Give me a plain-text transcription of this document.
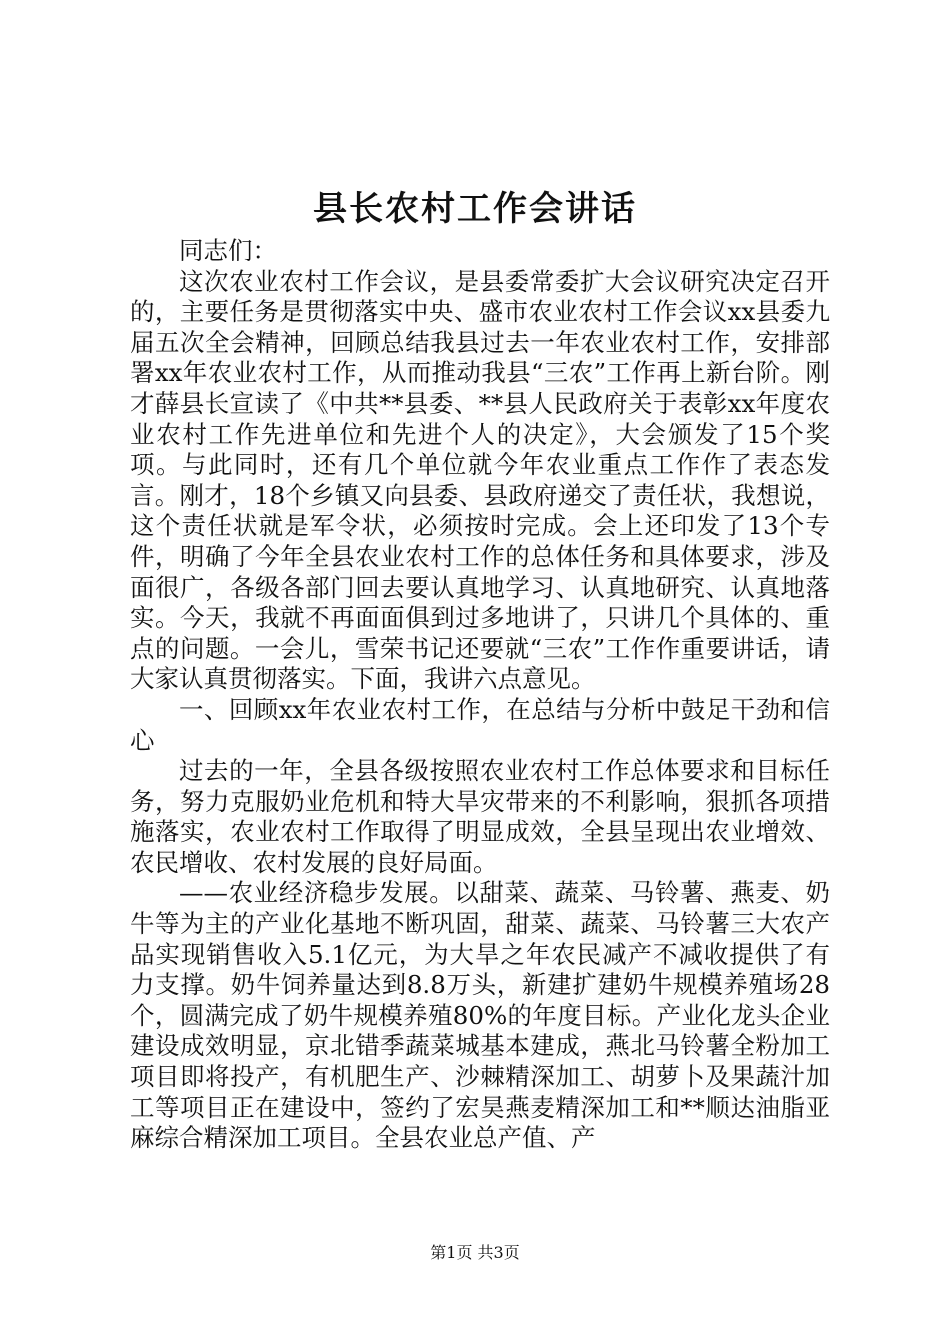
县长农村工作会讲话

同志们：

这次农业农村工作会议，是县委常委扩大会议研究决定召开的，主要任务是贯彻落实中央、盛市农业农村工作会议xx县委九届五次全会精神，回顾总结我县过去一年农业农村工作，安排部署xx年农业农村工作，从而推动我县“三农”工作再上新台阶。刚才薛县长宣读了《中共**县委、**县人民政府关于表彰xx年度农业农村工作先进单位和先进个人的决定》，大会颁发了15个奖项。与此同时，还有几个单位就今年农业重点工作作了表态发言。刚才，18个乡镇又向县委、县政府递交了责任状，我想说，这个责任状就是军令状，必须按时完成。会上还印发了13个专件，明确了今年全县农业农村工作的总体任务和具体要求，涉及面很广，各级各部门回去要认真地学习、认真地研究、认真地落实。今天，我就不再面面俱到过多地讲了，只讲几个具体的、重点的问题。一会儿，雪荣书记还要就“三农”工作作重要讲话，请大家认真贯彻落实。下面，我讲六点意见。

一、回顾xx年农业农村工作，在总结与分析中鼓足干劲和信心

过去的一年，全县各级按照农业农村工作总体要求和目标任务，努力克服奶业危机和特大旱灾带来的不利影响，狠抓各项措施落实，农业农村工作取得了明显成效，全县呈现出农业增效、农民增收、农村发展的良好局面。

——农业经济稳步发展。以甜菜、蔬菜、马铃薯、燕麦、奶牛等为主的产业化基地不断巩固，甜菜、蔬菜、马铃薯三大农产品实现销售收入5.1亿元，为大旱之年农民减产不减收提供了有力支撑。奶牛饲养量达到8.8万头，新建扩建奶牛规模养殖场28个，圆满完成了奶牛规模养殖80%的年度目标。产业化龙头企业建设成效明显，京北错季蔬菜城基本建成，燕北马铃薯全粉加工项目即将投产，有机肥生产、沙棘精深加工、胡萝卜及果蔬汁加工等项目正在建设中，签约了宏昊燕麦精深加工和**顺达油脂亚麻综合精深加工项目。全县农业总产值、产

第1页 共3页
